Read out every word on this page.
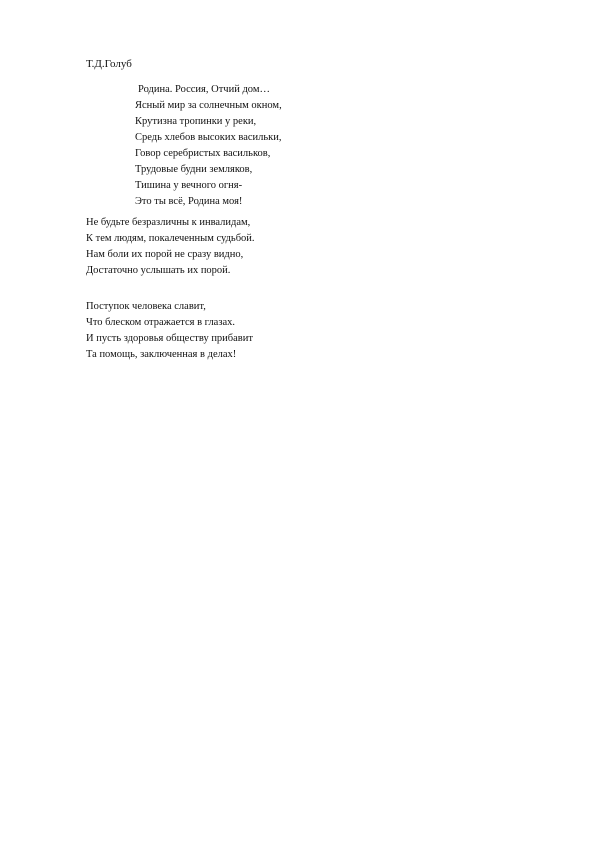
Т.Д.Голуб
Родина. Россия, Отчий дом…
Ясный мир за солнечным окном,
Крутизна тропинки у реки,
Средь хлебов высоких васильки,
Говор серебристых васильков,
Трудовые будни земляков,
Тишина у вечного огня-
Это ты всё, Родина моя!
Не будьте безразличны к инвалидам,
К тем людям, покалеченным судьбой.
Нам боли их порой не сразу видно,
Достаточно услышать их порой.
Поступок человека славит,
Что блеском отражается в глазах.
И пусть здоровья обществу прибавит
Та помощь, заключенная в делах!
